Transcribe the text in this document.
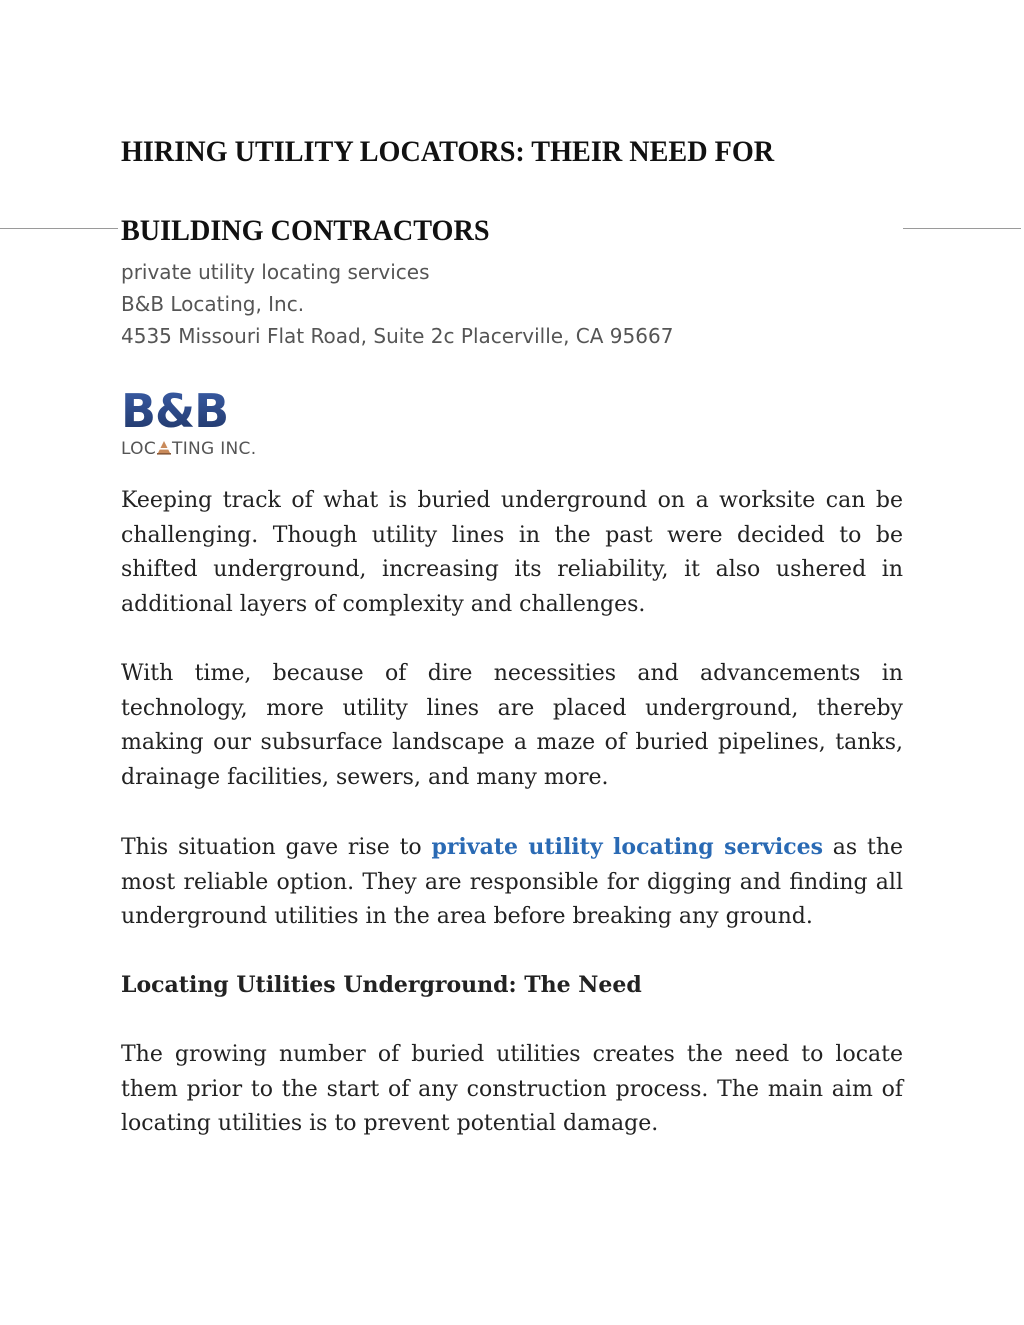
HIRING UTILITY LOCATORS: THEIR NEED FOR
BUILDING CONTRACTORS
private utility locating services
B&B Locating, Inc.
4535 Missouri Flat Road, Suite 2c Placerville, CA 95667
B&B
LOC TING INC.

Keeping track of what is buried underground on a worksite can be challenging. Though utility lines in the past were decided to be shifted underground, increasing its reliability, it also ushered in additional layers of complexity and challenges.

With time, because of dire necessities and advancements in technology, more utility lines are placed underground, thereby making our subsurface landscape a maze of buried pipelines, tanks, drainage facilities, sewers, and many more.

This situation gave rise to private utility locating services as the most reliable option. They are responsible for digging and finding all underground utilities in the area before breaking any ground.

Locating Utilities Underground: The Need

The growing number of buried utilities creates the need to locate them prior to the start of any construction process. The main aim of locating utilities is to prevent potential damage.
